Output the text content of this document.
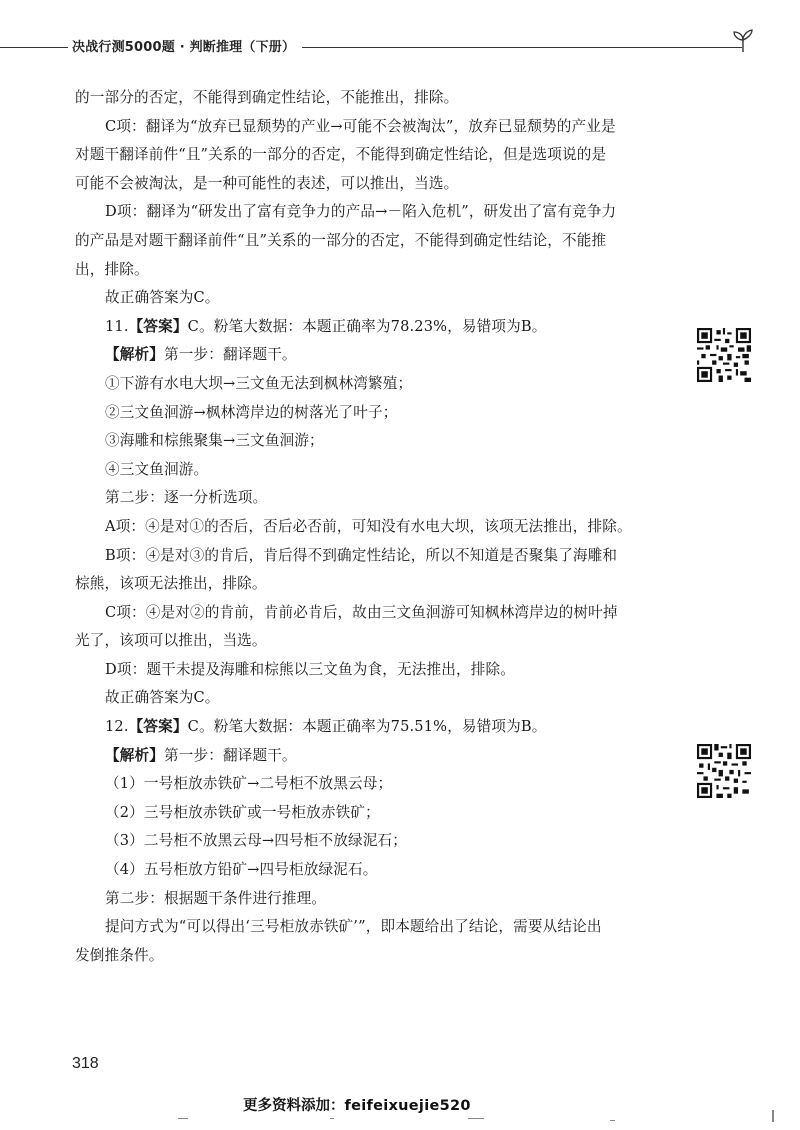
决战行测5000题 · 判断推理（下册）

的一部分的否定，不能得到确定性结论，不能推出，排除。

C项：翻译为“放弃已显颓势的产业→可能不会被淘汰”，放弃已显颓势的产业是

对题干翻译前件“且”关系的一部分的否定，不能得到确定性结论，但是选项说的是

可能不会被淘汰，是一种可能性的表述，可以推出，当选。

D项：翻译为“研发出了富有竞争力的产品→－陷入危机”，研发出了富有竞争力

的产品是对题干翻译前件“且”关系的一部分的否定，不能得到确定性结论，不能推

出，排除。

故正确答案为C。

11.【答案】C。粉笔大数据：本题正确率为78.23%，易错项为B。

【解析】第一步：翻译题干。

①下游有水电大坝→三文鱼无法到枫林湾繁殖；

②三文鱼洄游→枫林湾岸边的树落光了叶子；

③海雕和棕熊聚集→三文鱼洄游；

④三文鱼洄游。

第二步：逐一分析选项。

A项：④是对①的否后，否后必否前，可知没有水电大坝，该项无法推出，排除。

B项：④是对③的肯后，肯后得不到确定性结论，所以不知道是否聚集了海雕和

棕熊，该项无法推出，排除。

C项：④是对②的肯前，肯前必肯后，故由三文鱼洄游可知枫林湾岸边的树叶掉

光了，该项可以推出，当选。

D项：题干未提及海雕和棕熊以三文鱼为食，无法推出，排除。

故正确答案为C。

12.【答案】C。粉笔大数据：本题正确率为75.51%，易错项为B。

【解析】第一步：翻译题干。

（1）一号柜放赤铁矿→二号柜不放黑云母；

（2）三号柜放赤铁矿或一号柜放赤铁矿；

（3）二号柜不放黑云母→四号柜不放绿泥石；

（4）五号柜放方铅矿→四号柜放绿泥石。

第二步：根据题干条件进行推理。

提问方式为“可以得出‘三号柜放赤铁矿’”，即本题给出了结论，需要从结论出

发倒推条件。

318
更多资料添加：feifeixuejie520
